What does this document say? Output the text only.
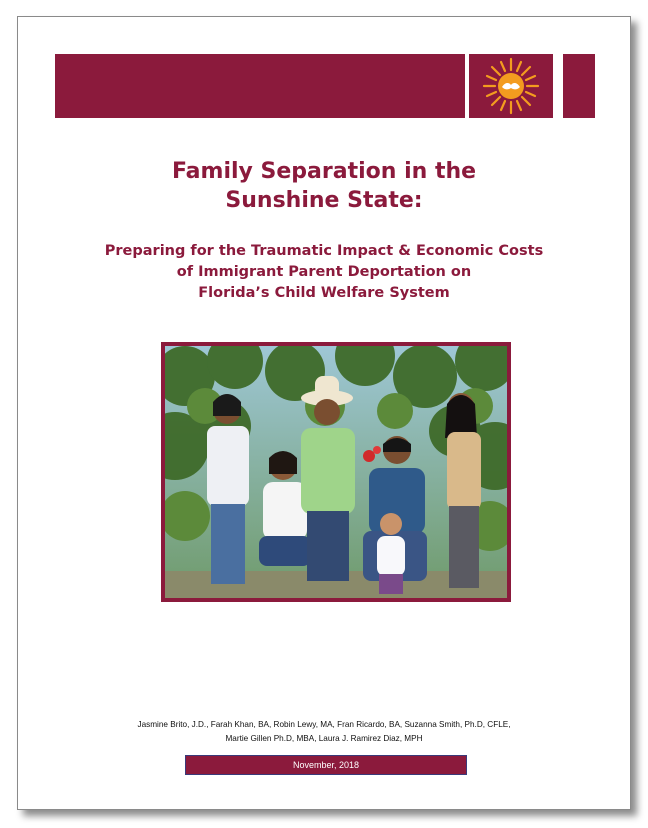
Family Separation in the
Sunshine State:
Preparing for the Traumatic Impact & Economic Costs
of Immigrant Parent Deportation on
Florida’s Child Welfare System
Jasmine Brito, J.D., Farah Khan, BA, Robin Lewy, MA, Fran Ricardo, BA, Suzanna Smith, Ph.D, CFLE,
Martie Gillen Ph.D, MBA, Laura J. Ramirez Diaz, MPH
November, 2018
